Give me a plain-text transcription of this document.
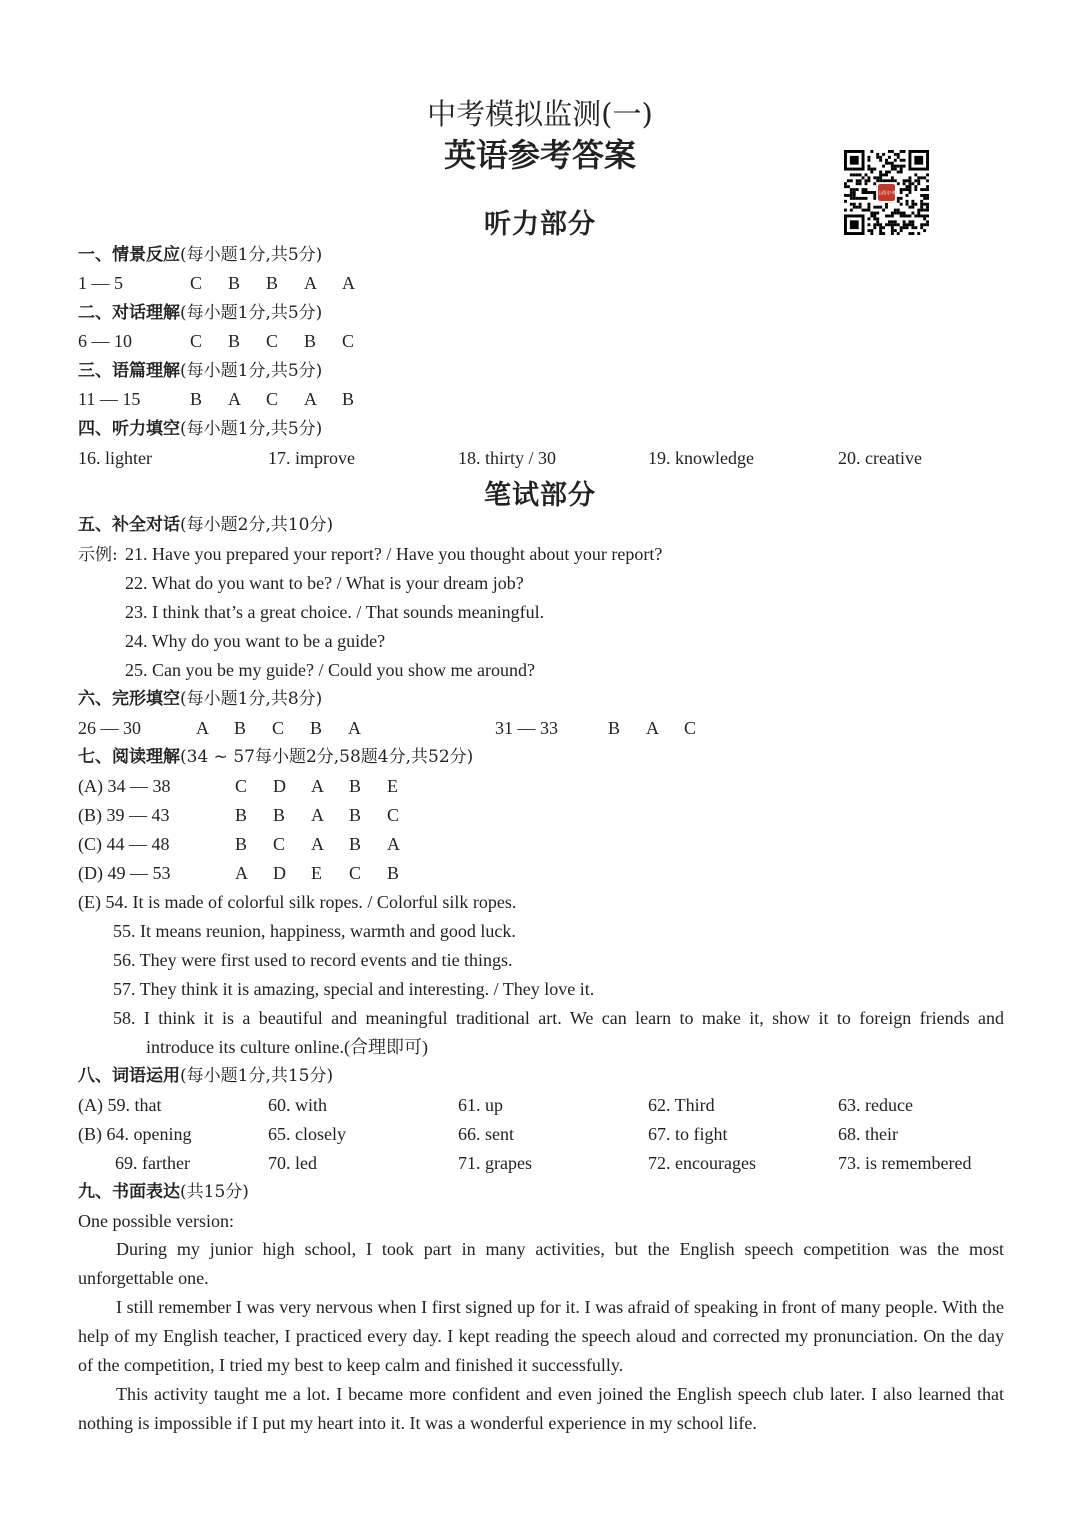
中考模拟监测(一)
英语参考答案
山西中考
听力部分
一、情景反应(每小题1分,共5分)
1 — 5	C B B A A
二、对话理解(每小题1分,共5分)
6 — 10	C B C B C
三、语篇理解(每小题1分,共5分)
11 — 15	B A C A B
四、听力填空(每小题1分,共5分)
16. lighter	17. improve	18. thirty / 30	19. knowledge	20. creative
笔试部分
五、补全对话(每小题2分,共10分)
示例: 21. Have you prepared your report? / Have you thought about your report?
22. What do you want to be? / What is your dream job?
23. I think that’s a great choice. / That sounds meaningful.
24. Why do you want to be a guide?
25. Can you be my guide? / Could you show me around?
六、完形填空(每小题1分,共8分)
26 — 30	A B C B A	31 — 33	B A C
七、阅读理解(34 ~ 57每小题2分,58题4分,共52分)
(A) 34 — 38	C D A B E
(B) 39 — 43	B B A B C
(C) 44 — 48	B C A B A
(D) 49 — 53	A D E C B
(E) 54. It is made of colorful silk ropes. / Colorful silk ropes.
55. It means reunion, happiness, warmth and good luck.
56. They were first used to record events and tie things.
57. They think it is amazing, special and interesting. / They love it.
58. I think it is a beautiful and meaningful traditional art. We can learn to make it, show it to foreign friends and
introduce its culture online.(合理即可)
八、词语运用(每小题1分,共15分)
(A) 59. that	60. with	61. up	62. Third	63. reduce
(B) 64. opening	65. closely	66. sent	67. to fight	68. their
69. farther	70. led	71. grapes	72. encourages	73. is remembered
九、书面表达(共15分)
One possible version:
During my junior high school, I took part in many activities, but the English speech competition was the most unforgettable one.
I still remember I was very nervous when I first signed up for it. I was afraid of speaking in front of many people. With the help of my English teacher, I practiced every day. I kept reading the speech aloud and corrected my pronunciation. On the day of the competition, I tried my best to keep calm and finished it successfully.
This activity taught me a lot. I became more confident and even joined the English speech club later. I also learned that nothing is impossible if I put my heart into it. It was a wonderful experience in my school life.
